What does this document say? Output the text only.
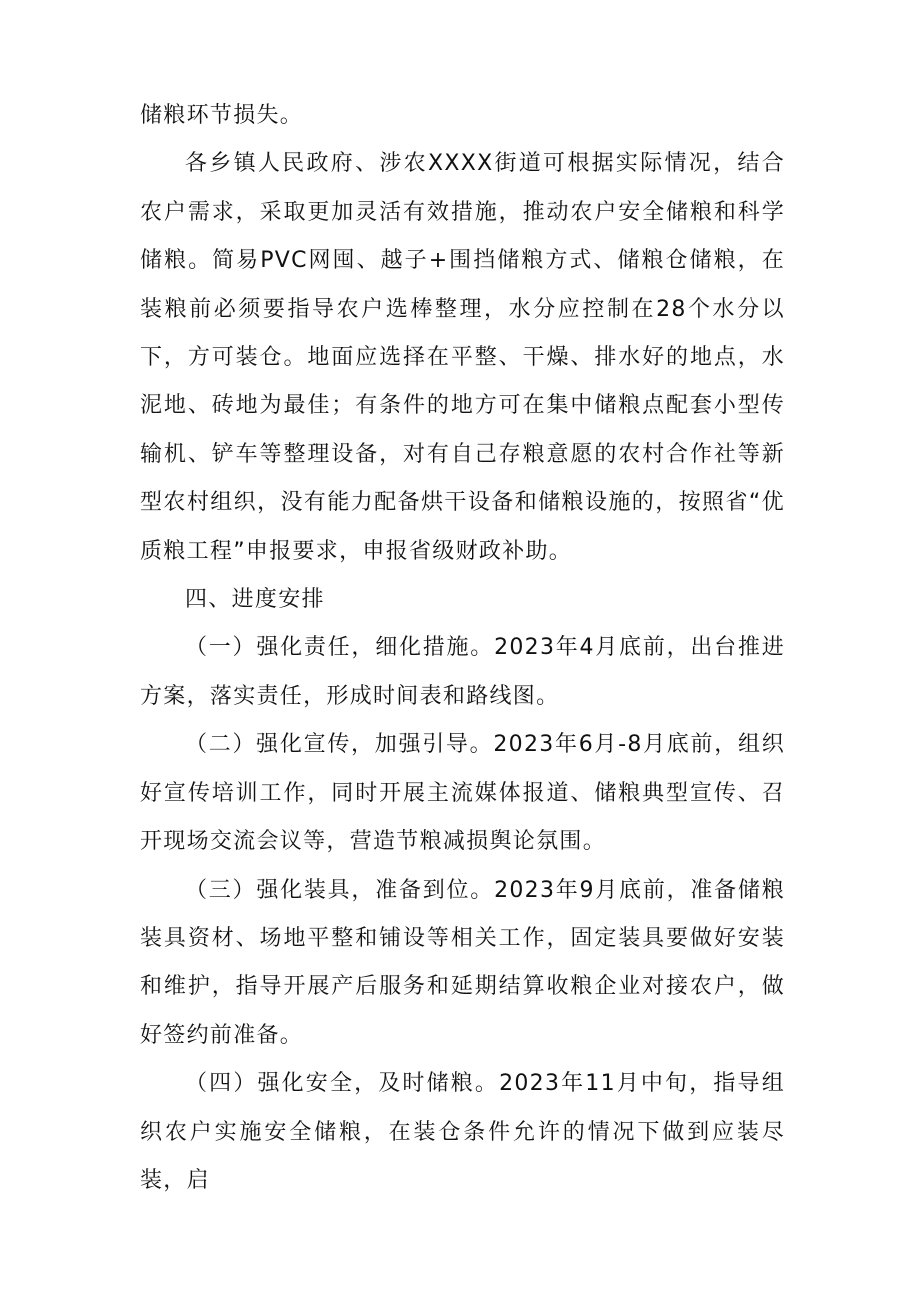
储粮环节损失。

各乡镇人民政府、涉农XXXX街道可根据实际情况，结合农户需求，采取更加灵活有效措施，推动农户安全储粮和科学储粮。简易PVC网囤、越子+围挡储粮方式、储粮仓储粮，在装粮前必须要指导农户选棒整理，水分应控制在28个水分以下，方可装仓。地面应选择在平整、干燥、排水好的地点，水泥地、砖地为最佳；有条件的地方可在集中储粮点配套小型传输机、铲车等整理设备，对有自己存粮意愿的农村合作社等新型农村组织，没有能力配备烘干设备和储粮设施的，按照省“优质粮工程”申报要求，申报省级财政补助。

四、进度安排

（一）强化责任，细化措施。2023年4月底前，出台推进方案，落实责任，形成时间表和路线图。

（二）强化宣传，加强引导。2023年6月-8月底前，组织好宣传培训工作，同时开展主流媒体报道、储粮典型宣传、召开现场交流会议等，营造节粮减损舆论氛围。

（三）强化装具，准备到位。2023年9月底前，准备储粮装具资材、场地平整和铺设等相关工作，固定装具要做好安装和维护，指导开展产后服务和延期结算收粮企业对接农户，做好签约前准备。

（四）强化安全，及时储粮。2023年11月中旬，指导组织农户实施安全储粮，在装仓条件允许的情况下做到应装尽装，启
